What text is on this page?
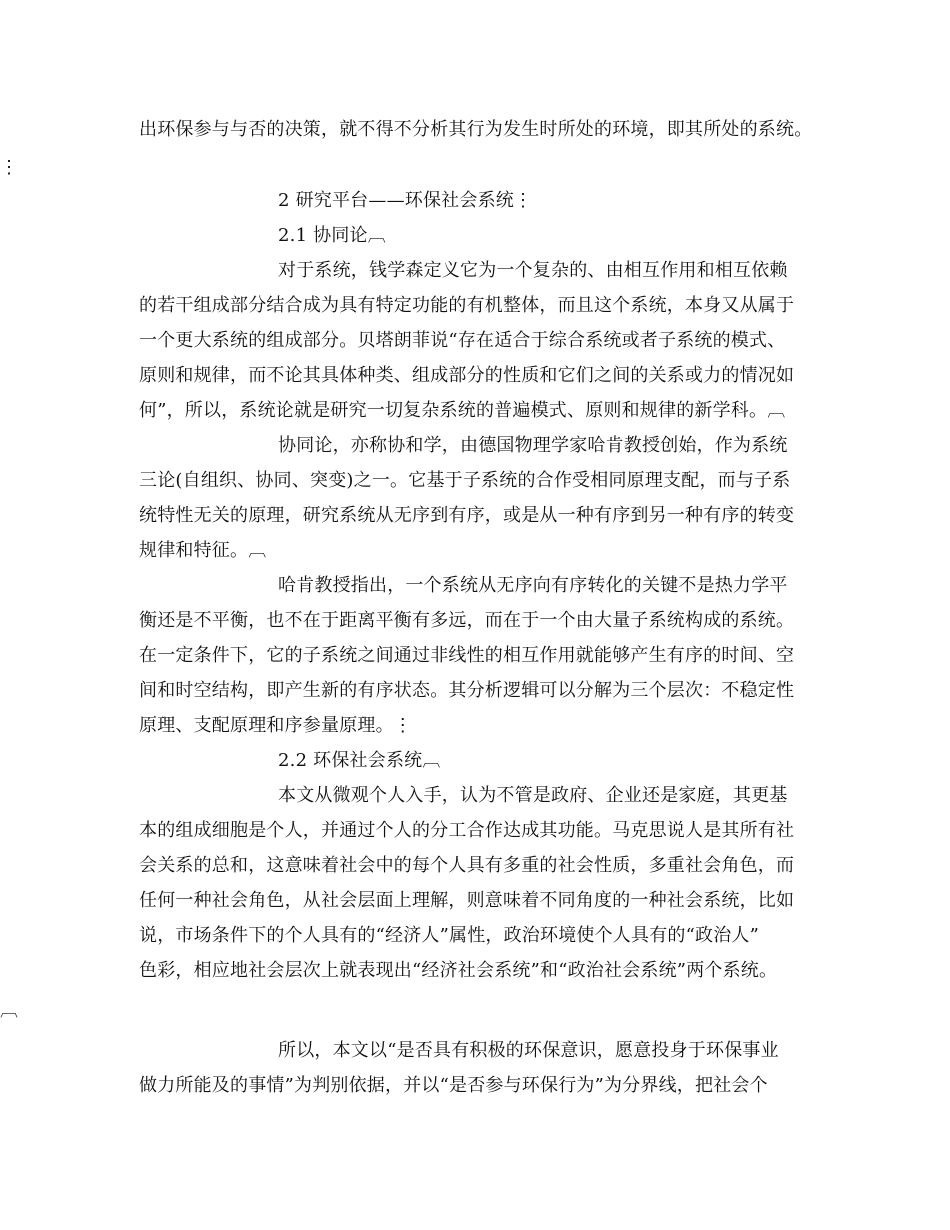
出环保参与与否的决策，就不得不分析其行为发生时所处的环境，即其所处的系统。
⋮
2 研究平台——环保社会系统⋮
2.1 协同论︹
对于系统，钱学森定义它为一个复杂的、由相互作用和相互依赖
的若干组成部分结合成为具有特定功能的有机整体，而且这个系统，本身又从属于
一个更大系统的组成部分。贝塔朗菲说“存在适合于综合系统或者子系统的模式、
原则和规律，而不论其具体种类、组成部分的性质和它们之间的关系或力的情况如
何”，所以，系统论就是研究一切复杂系统的普遍模式、原则和规律的新学科。︹
协同论，亦称协和学，由德国物理学家哈肯教授创始，作为系统
三论(自组织、协同、突变)之一。它基于子系统的合作受相同原理支配，而与子系
统特性无关的原理，研究系统从无序到有序，或是从一种有序到另一种有序的转变
规律和特征。︹
哈肯教授指出，一个系统从无序向有序转化的关键不是热力学平
衡还是不平衡，也不在于距离平衡有多远，而在于一个由大量子系统构成的系统。
在一定条件下，它的子系统之间通过非线性的相互作用就能够产生有序的时间、空
间和时空结构，即产生新的有序状态。其分析逻辑可以分解为三个层次：不稳定性
原理、支配原理和序参量原理。⋮
2.2 环保社会系统︹
本文从微观个人入手，认为不管是政府、企业还是家庭，其更基
本的组成细胞是个人，并通过个人的分工合作达成其功能。马克思说人是其所有社
会关系的总和，这意味着社会中的每个人具有多重的社会性质，多重社会角色，而
任何一种社会角色，从社会层面上理解，则意味着不同角度的一种社会系统，比如
说，市场条件下的个人具有的“经济人”属性，政治环境使个人具有的“政治人”
色彩，相应地社会层次上就表现出“经济社会系统”和“政治社会系统”两个系统。
︹
所以，本文以“是否具有积极的环保意识，愿意投身于环保事业
做力所能及的事情”为判别依据，并以“是否参与环保行为”为分界线，把社会个
